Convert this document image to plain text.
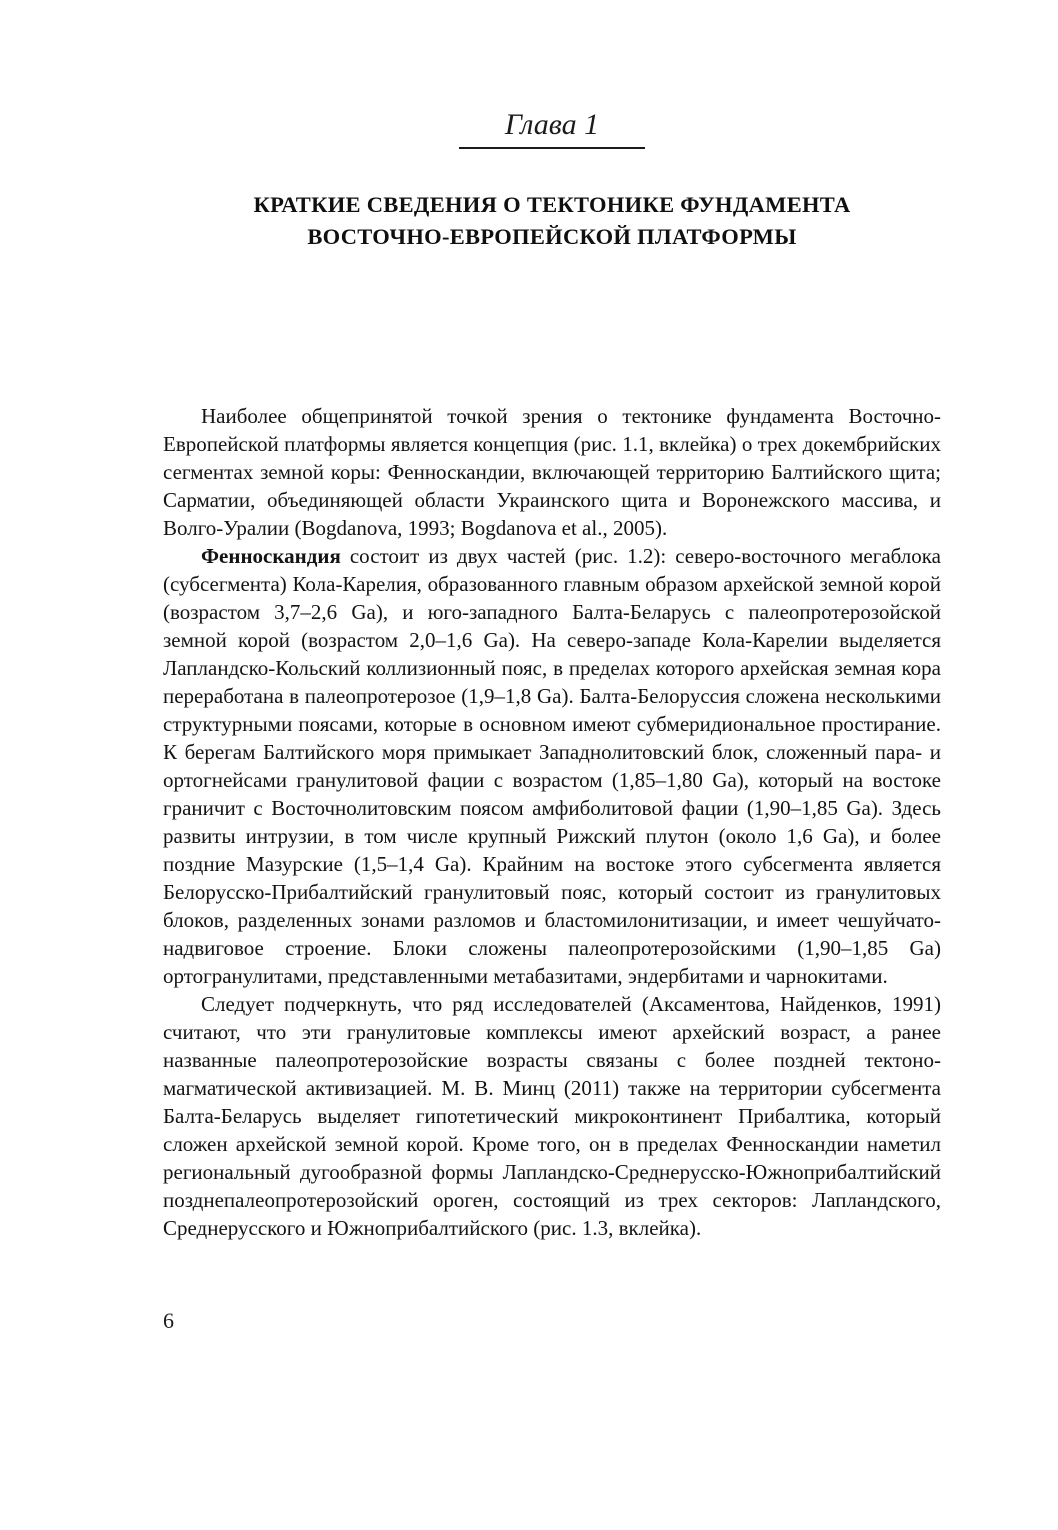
Глава 1
КРАТКИЕ СВЕДЕНИЯ О ТЕКТОНИКЕ ФУНДАМЕНТА
ВОСТОЧНО-ЕВРОПЕЙСКОЙ ПЛАТФОРМЫ

Наиболее общепринятой точкой зрения о тектонике фундамента Восточно-Европейской платформы является концепция (рис. 1.1, вклейка) о трех докембрийских сегментах земной коры: Фенноскандии, включающей территорию Балтийского щита; Сарматии, объединяющей области Украинского щита и Воронежского массива, и Волго-Уралии (Bogdanova, 1993; Bogdanova et al., 2005).

Фенноскандия состоит из двух частей (рис. 1.2): северо-восточного мегаблока (субсегмента) Кола-Карелия, образованного главным образом архейской земной корой (возрастом 3,7–2,6 Ga), и юго-западного Балта-Беларусь с палеопротерозойской земной корой (возрастом 2,0–1,6 Ga). На северо-западе Кола-Карелии выделяется Лапландско-Кольский коллизионный пояс, в пределах которого архейская земная кора переработана в палеопротерозое (1,9–1,8 Ga). Балта-Белоруссия сложена несколькими структурными поясами, которые в основном имеют субмеридиональное простирание. К берегам Балтийского моря примыкает Западнолитовский блок, сложенный пара- и ортогнейсами гранулитовой фации с возрастом (1,85–1,80 Ga), который на востоке граничит с Восточнолитовским поясом амфиболитовой фации (1,90–1,85 Ga). Здесь развиты интрузии, в том числе крупный Рижский плутон (около 1,6 Ga), и более поздние Мазурские (1,5–1,4 Ga). Крайним на востоке этого субсегмента является Белорусско-Прибалтийский гранулитовый пояс, который состоит из гранулитовых блоков, разделенных зонами разломов и бластомилонитизации, и имеет чешуйчато-надвиговое строение. Блоки сложены палеопротерозойскими (1,90–1,85 Ga) ортогранулитами, представленными метабазитами, эндербитами и чарнокитами.

Следует подчеркнуть, что ряд исследователей (Аксаментова, Найденков, 1991) считают, что эти гранулитовые комплексы имеют архейский возраст, а ранее названные палеопротерозойские возрасты связаны с более поздней тектоно-магматической активизацией. М. В. Минц (2011) также на территории субсегмента Балта-Беларусь выделяет гипотетический микроконтинент Прибалтика, который сложен архейской земной корой. Кроме того, он в пределах Фенноскандии наметил региональный дугообразной формы Лапландско-Среднерусско-Южноприбалтийский позднепалеопротерозойский ороген, состоящий из трех секторов: Лапландского, Среднерусского и Южноприбалтийского (рис. 1.3, вклейка).

6
